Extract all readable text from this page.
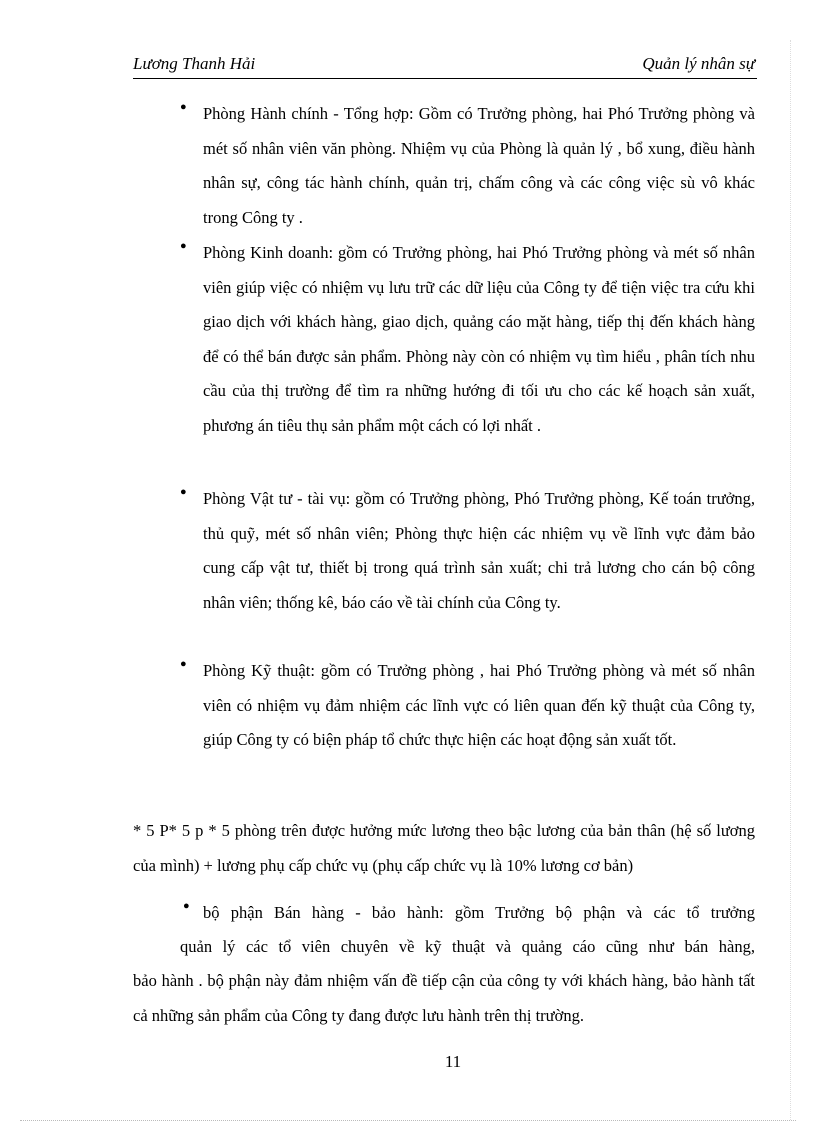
Lương Thanh Hải	Quản lý nhân sự
● Phòng Hành chính - Tổng hợp: Gồm có Trưởng phòng, hai Phó Trưởng phòng và mét số nhân viên văn phòng. Nhiệm vụ của Phòng là quản lý , bổ xung, điều hành nhân sự, công tác hành chính, quản trị, chấm công và các công việc sù vô khác trong Công ty .
● Phòng Kinh doanh: gồm có Trưởng phòng, hai Phó Trưởng phòng và mét số nhân viên giúp việc có nhiệm vụ lưu trữ các dữ liệu của Công ty để tiện việc tra cứu khi giao dịch với khách hàng, giao dịch, quảng cáo mặt hàng, tiếp thị đến khách hàng để có thể bán được sản phẩm. Phòng này còn có nhiệm vụ tìm hiểu , phân tích nhu cầu của thị trường để tìm ra những hướng đi tối ưu cho các kế hoạch sản xuất, phương án tiêu thụ sản phẩm một cách có lợi nhất .
● Phòng Vật tư - tài vụ: gồm có Trưởng phòng, Phó Trưởng phòng, Kế toán trưởng, thủ quỹ, mét số nhân viên; Phòng thực hiện các nhiệm vụ về lĩnh vực đảm bảo cung cấp vật tư, thiết bị trong quá trình sản xuất; chi trả lương cho cán bộ công nhân viên; thống kê, báo cáo về tài chính của Công ty.
● Phòng Kỹ thuật: gồm có Trưởng phòng , hai Phó Trưởng phòng và mét số nhân viên có nhiệm vụ đảm nhiệm các lĩnh vực có liên quan đến kỹ thuật của Công ty, giúp Công ty có biện pháp tổ chức thực hiện các hoạt động sản xuất tốt.
* 5 P* 5 p * 5 phòng trên được hưởng mức lương theo bậc lương của bản thân (hệ số lương của mình) + lương phụ cấp chức vụ (phụ cấp chức vụ là 10% lương cơ bản)
● bộ phận Bán hàng - bảo hành: gồm Trưởng bộ phận và các tổ trưởng
quản lý các tổ viên chuyên về kỹ thuật và quảng cáo cũng như bán hàng,
bảo hành . bộ phận này đảm nhiệm vấn đề tiếp cận của công ty với khách hàng, bảo hành tất cả những sản phẩm của Công ty đang được lưu hành trên thị trường.
11
